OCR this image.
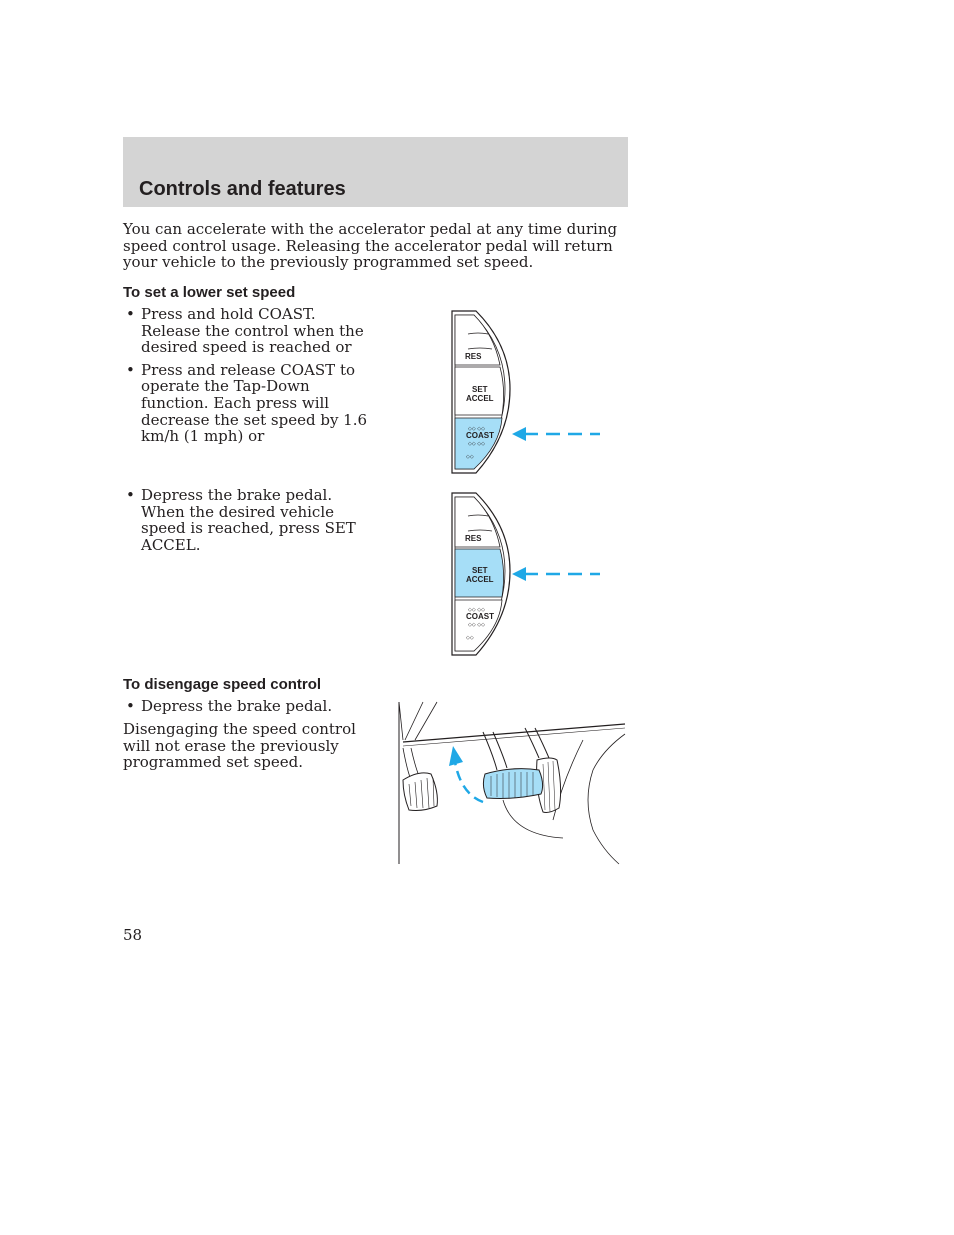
Controls and features

You can accelerate with the accelerator pedal at any time during speed control usage. Releasing the accelerator pedal will return your vehicle to the previously programmed set speed.

To set a lower set speed
• Press and hold COAST. Release the control when the desired speed is reached or
• Press and release COAST to operate the Tap-Down function. Each press will decrease the set speed by 1.6 km/h (1 mph) or
• Depress the brake pedal. When the desired vehicle speed is reached, press SET ACCEL.
To disengage speed control
• Depress the brake pedal.

Disengaging the speed control will not erase the previously programmed set speed.

RES
SET
ACCEL
COAST
◇◇ ◇◇
◇◇ ◇◇
◇◇
RES
SET
ACCEL
COAST
◇◇ ◇◇
◇◇ ◇◇
◇◇
58
